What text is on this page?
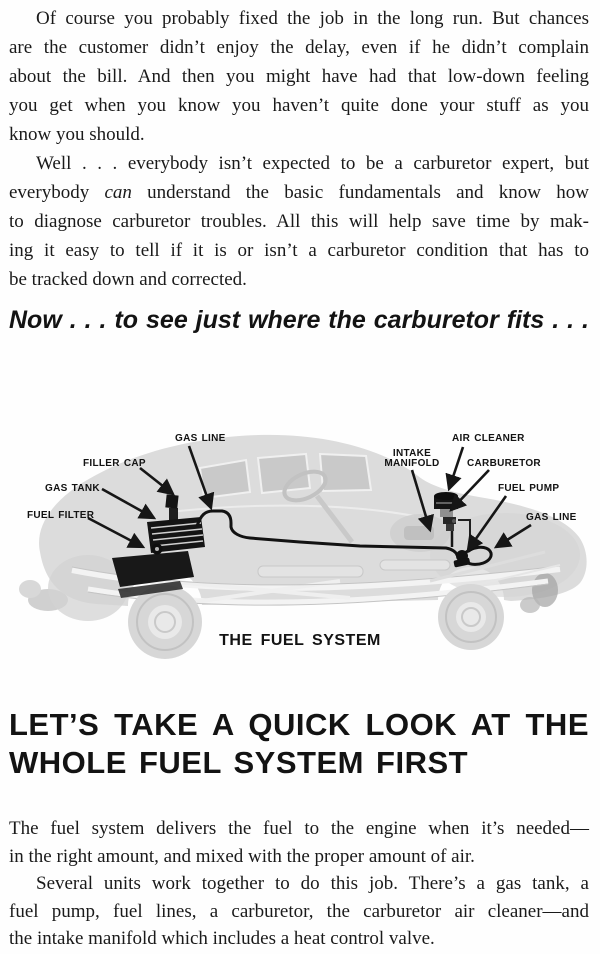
Of course you probably fixed the job in the long run. But chances
are the customer didn’t enjoy the delay, even if he didn’t complain
about the bill. And then you might have had that low-down feeling
you get when you know you haven’t quite done your stuff as you
know you should.
Well . . . everybody isn’t expected to be a carburetor expert, but
everybody can understand the basic fundamentals and know how
to diagnose carburetor troubles. All this will help save time by mak-
ing it easy to tell if it is or isn’t a carburetor condition that has to
be tracked down and corrected.
Now . . . to see just where the carburetor fits . . .
GAS LINE
FILLER CAP
GAS TANK
FUEL FILTER
INTAKE MANIFOLD
AIR CLEANER
CARBURETOR
FUEL PUMP
GAS LINE
THE FUEL SYSTEM
LET’S TAKE A QUICK LOOK AT THE
WHOLE FUEL SYSTEM FIRST
The fuel system delivers the fuel to the engine when it’s needed—
in the right amount, and mixed with the proper amount of air.
Several units work together to do this job. There’s a gas tank, a
fuel pump, fuel lines, a carburetor, the carburetor air cleaner—and
the intake manifold which includes a heat control valve.
